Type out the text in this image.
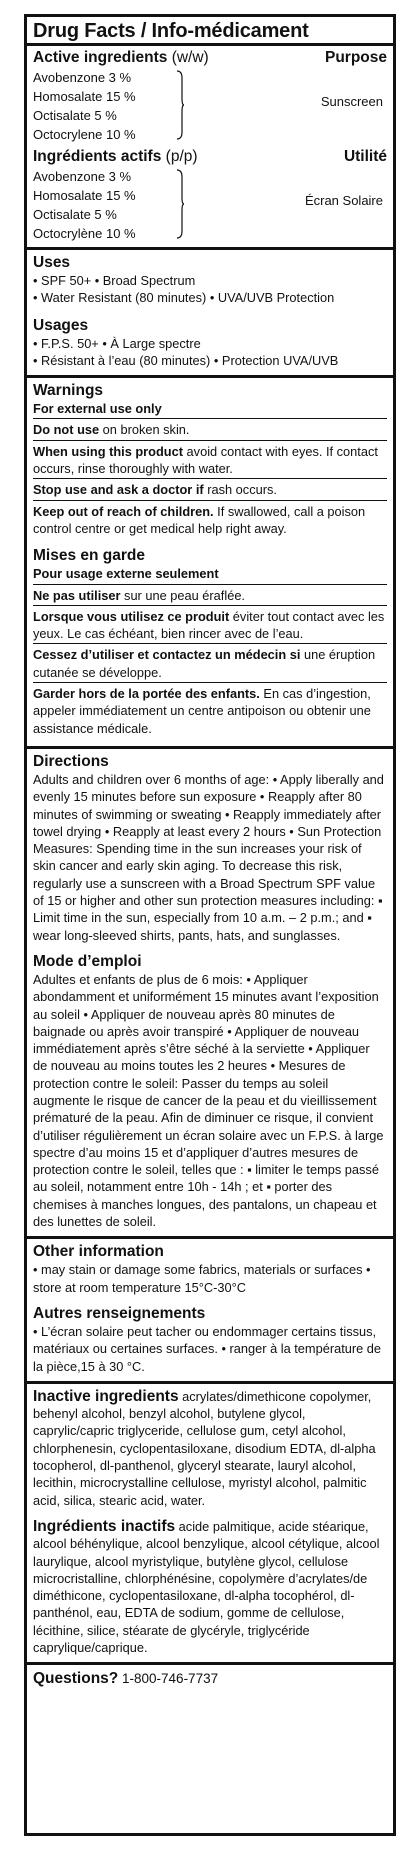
Drug Facts / Info-médicament
Active ingredients (w/w)	Purpose
Avobenzone 3 %
Homosalate 15 %
Octisalate 5 %
Octocrylene 10 %
Sunscreen
Ingrédients actifs (p/p)	Utilité
Avobenzone 3 %
Homosalate 15 %
Octisalate 5 %
Octocrylène 10 %
Écran Solaire
Uses
• SPF 50+ • Broad Spectrum
• Water Resistant (80 minutes) • UVA/UVB Protection
Usages
• F.P.S. 50+ • À Large spectre
• Résistant à l’eau (80 minutes) • Protection UVA/UVB
Warnings
For external use only
Do not use on broken skin.
When using this product avoid contact with eyes. If contact occurs, rinse thoroughly with water.
Stop use and ask a doctor if rash occurs.
Keep out of reach of children. If swallowed, call a poison control centre or get medical help right away.
Mises en garde
Pour usage externe seulement
Ne pas utiliser sur une peau éraflée.
Lorsque vous utilisez ce produit éviter tout contact avec les yeux. Le cas échéant, bien rincer avec de l’eau.
Cessez d’utiliser et contactez un médecin si une éruption cutanée se développe.
Garder hors de la portée des enfants. En cas d’ingestion, appeler immédiatement un centre antipoison ou obtenir une assistance médicale.
Directions
Adults and children over 6 months of age: • Apply liberally and evenly 15 minutes before sun exposure • Reapply after 80 minutes of swimming or sweating • Reapply immediately after towel drying • Reapply at least every 2 hours • Sun Protection Measures: Spending time in the sun increases your risk of skin cancer and early skin aging. To decrease this risk, regularly use a sunscreen with a Broad Spectrum SPF value of 15 or higher and other sun protection measures including: ▪ Limit time in the sun, especially from 10 a.m. – 2 p.m.; and ▪ wear long-sleeved shirts, pants, hats, and sunglasses.
Mode d’emploi
Adultes et enfants de plus de 6 mois: • Appliquer abondamment et uniformément 15 minutes avant l’exposition au soleil • Appliquer de nouveau après 80 minutes de baignade ou après avoir transpiré • Appliquer de nouveau immédiatement après s’être séché à la serviette • Appliquer de nouveau au moins toutes les 2 heures • Mesures de protection contre le soleil: Passer du temps au soleil augmente le risque de cancer de la peau et du vieillissement prématuré de la peau. Afin de diminuer ce risque, il convient d’utiliser régulièrement un écran solaire avec un F.P.S. à large spectre d’au moins 15 et d’appliquer d’autres mesures de protection contre le soleil, telles que : ▪ limiter le temps passé au soleil, notamment entre 10h - 14h ; et ▪ porter des chemises à manches longues, des pantalons, un chapeau et des lunettes de soleil.
Other information
• may stain or damage some fabrics, materials or surfaces • store at room temperature 15°C-30°C
Autres renseignements
• L’écran solaire peut tacher ou endommager certains tissus, matériaux ou certaines surfaces. • ranger à la température de la pièce,15 à 30 °C.
Inactive ingredients acrylates/dimethicone copolymer, behenyl alcohol, benzyl alcohol, butylene glycol, caprylic/capric triglyceride, cellulose gum, cetyl alcohol, chlorphenesin, cyclopentasiloxane, disodium EDTA, dl-alpha tocopherol, dl-panthenol, glyceryl stearate, lauryl alcohol, lecithin, microcrystalline cellulose, myristyl alcohol, palmitic acid, silica, stearic acid, water.
Ingrédients inactifs acide palmitique, acide stéarique, alcool béhénylique, alcool benzylique, alcool cétylique, alcool laurylique, alcool myristylique, butylène glycol, cellulose microcristalline, chlorphénésine, copolymère d’acrylates/de diméthicone, cyclopentasiloxane, dl-alpha tocophérol, dl-panthénol, eau, EDTA de sodium, gomme de cellulose, lécithine, silice, stéarate de glycéryle, triglycéride caprylique/caprique.
Questions? 1-800-746-7737
